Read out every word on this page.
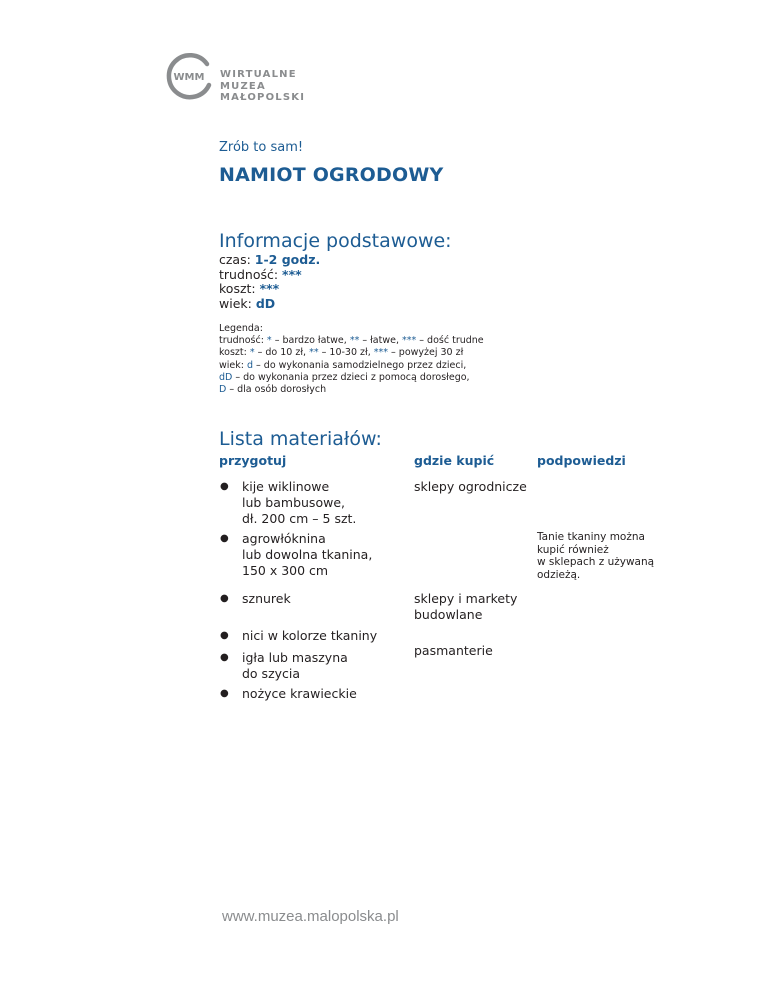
WMM WIRTUALNE
MUZEA
MAŁOPOLSKI
Zrób to sam!
NAMIOT OGRODOWY
Informacje podstawowe:
czas: 1-2 godz.
trudność: ***
koszt: ***
wiek: dD
Legenda:
trudność: * – bardzo łatwe, ** – łatwe, *** – dość trudne
koszt: * – do 10 zł, ** – 10-30 zł, *** – powyżej 30 zł
wiek: d – do wykonania samodzielnego przez dzieci,
dD – do wykonania przez dzieci z pomocą dorosłego,
D – dla osób dorosłych
Lista materiałów:
przygotuj	gdzie kupić	podpowiedzi
● kije wiklinowe
lub bambusowe,
dł. 200 cm – 5 szt.
● agrowłóknina
lub dowolna tkanina,
150 x 300 cm
● sznurek
● nici w kolorze tkaniny
● igła lub maszyna
do szycia
● nożyce krawieckie
sklepy ogrodnicze
sklepy i markety
budowlane
pasmanterie
Tanie tkaniny można
kupić również
w sklepach z używaną
odzieżą.
www.muzea.malopolska.pl
